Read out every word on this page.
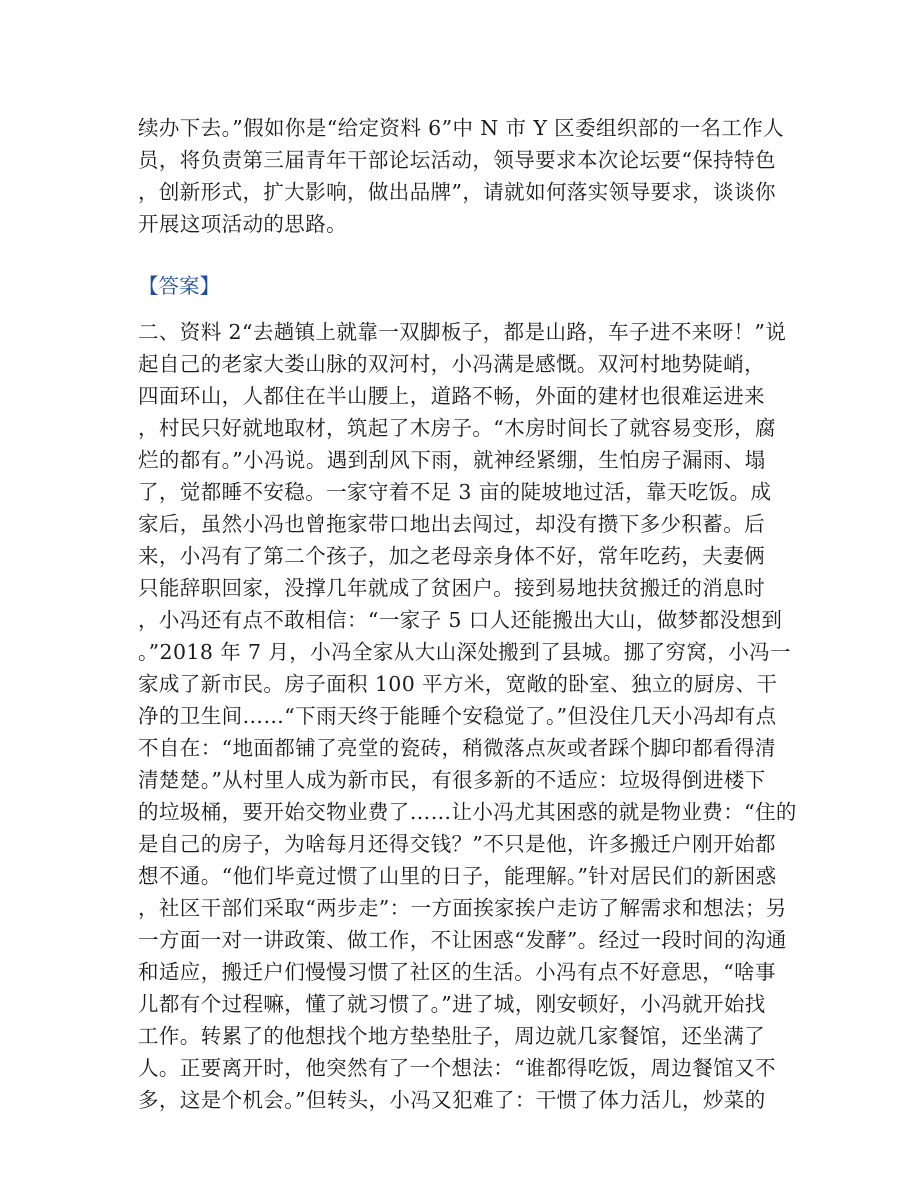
续办下去。”假如你是“给定资料 6”中 N 市 Y 区委组织部的一名工作人
员，将负责第三届青年干部论坛活动，领导要求本次论坛要“保持特色
，创新形式，扩大影响，做出品牌”，请就如何落实领导要求，谈谈你
开展这项活动的思路。
【答案】
二、资料 2“去趟镇上就靠一双脚板子，都是山路，车子进不来呀！”说
起自己的老家大娄山脉的双河村，小冯满是感慨。双河村地势陡峭，
四面环山，人都住在半山腰上，道路不畅，外面的建材也很难运进来
，村民只好就地取材，筑起了木房子。“木房时间长了就容易变形，腐
烂的都有。”小冯说。遇到刮风下雨，就神经紧绷，生怕房子漏雨、塌
了，觉都睡不安稳。一家守着不足 3 亩的陡坡地过活，靠天吃饭。成
家后，虽然小冯也曾拖家带口地出去闯过，却没有攒下多少积蓄。后
来，小冯有了第二个孩子，加之老母亲身体不好，常年吃药，夫妻俩
只能辞职回家，没撑几年就成了贫困户。接到易地扶贫搬迁的消息时
，小冯还有点不敢相信：“一家子 5 口人还能搬出大山，做梦都没想到
。”2018 年 7 月，小冯全家从大山深处搬到了县城。挪了穷窝，小冯一
家成了新市民。房子面积 100 平方米，宽敞的卧室、独立的厨房、干
净的卫生间……“下雨天终于能睡个安稳觉了。”但没住几天小冯却有点
不自在：“地面都铺了亮堂的瓷砖，稍微落点灰或者踩个脚印都看得清
清楚楚。”从村里人成为新市民，有很多新的不适应：垃圾得倒进楼下
的垃圾桶，要开始交物业费了……让小冯尤其困惑的就是物业费：“住的
是自己的房子，为啥每月还得交钱？”不只是他，许多搬迁户刚开始都
想不通。“他们毕竟过惯了山里的日子，能理解。”针对居民们的新困惑
，社区干部们采取“两步走”：一方面挨家挨户走访了解需求和想法；另
一方面一对一讲政策、做工作，不让困惑“发酵”。经过一段时间的沟通
和适应，搬迁户们慢慢习惯了社区的生活。小冯有点不好意思，“啥事
儿都有个过程嘛，懂了就习惯了。”进了城，刚安顿好，小冯就开始找
工作。转累了的他想找个地方垫垫肚子，周边就几家餐馆，还坐满了
人。正要离开时，他突然有了一个想法：“谁都得吃饭，周边餐馆又不
多，这是个机会。”但转头，小冯又犯难了：干惯了体力活儿，炒菜的
